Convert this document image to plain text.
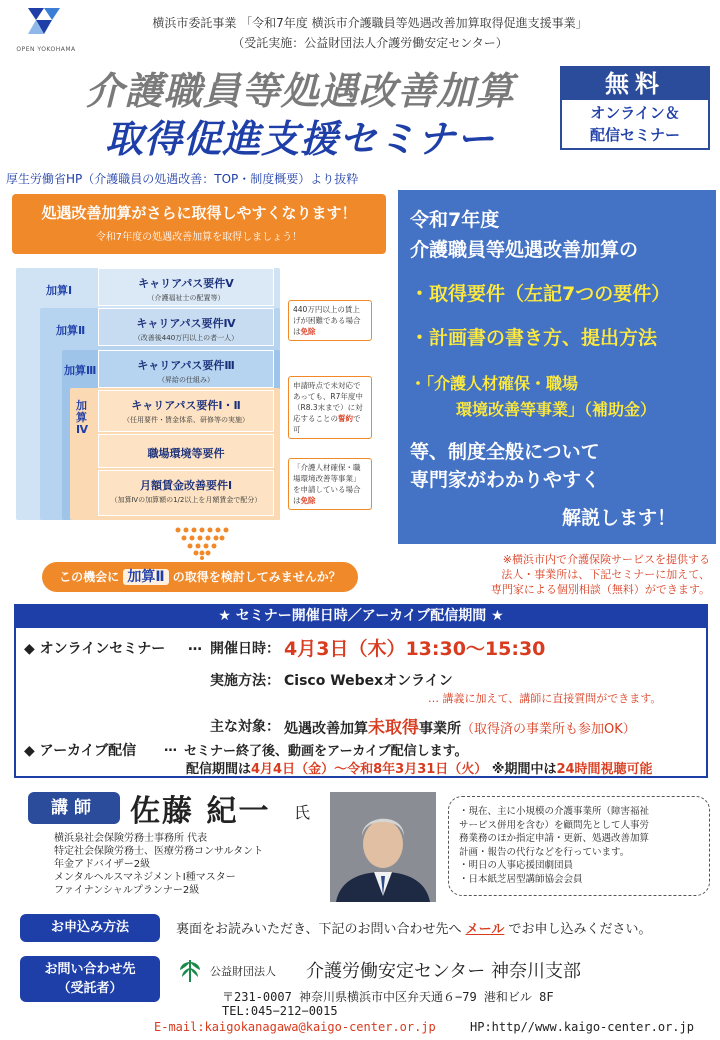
OPEN YOKOHAMA
横浜市委託事業 「令和7年度 横浜市介護職員等処遇改善加算取得促進支援事業」
（受託実施：公益財団法人介護労働安定センター）
介護職員等処遇改善加算
取得促進支援セミナー
無料
オンライン＆
配信セミナー
厚生労働省HP（介護職員の処遇改善：TOP・制度概要）より抜粋
処遇改善加算がさらに取得しやすくなります！
令和7年度の処遇改善加算を取得しましょう！
加算Ⅰ
加算Ⅱ
加算Ⅲ
加算Ⅳ
キャリアパス要件Ⅴ
（介護福祉士の配置等）
キャリアパス要件Ⅳ
（改善後440万円以上の者一人）
キャリアパス要件Ⅲ
（昇給の仕組み）
キャリアパス要件Ⅰ・Ⅱ
（任用要件・賃金体系、研修等の実施）
職場環境等要件
月額賃金改善要件Ⅰ
（加算Ⅳの加算額の1/2以上を月額賃金で配分）
440万円以上の賃上げが困難である場合は免除
申請時点で未対応であっても、R7年度中（R8.3末まで）に対応することの誓約で可
「介護人材確保・職場環境改善等事業」を申請している場合は免除
この機会に 加算Ⅱ の取得を検討してみませんか？
令和7年度
介護職員等処遇改善加算の
・取得要件（左記7つの要件）
・計画書の書き方、提出方法
・「介護人材確保・職場
環境改善等事業」（補助金）
等、制度全般について
専門家がわかりやすく
解説します！
※横浜市内で介護保険サービスを提供する
法人・事業所は、下記セミナーに加えて、
専門家による個別相談（無料）ができます。
★ セミナー開催日時／アーカイブ配信期間 ★
◆ オンラインセミナー … 開催日時： 4月3日（木）13:30～15:30
実施方法： Cisco Webexオンライン
… 講義に加えて、講師に直接質問ができます。
主な対象： 処遇改善加算未取得事業所（取得済の事業所も参加OK）
◆ アーカイブ配信 … セミナー終了後、動画をアーカイブ配信します。
配信期間は4月4日（金）～令和8年3月31日（火） ※期間中は24時間視聴可能
講師	佐藤 紀一 氏
横浜泉社会保険労務士事務所 代表
特定社会保険労務士、医療労務コンサルタント
年金アドバイザー2級
メンタルヘルスマネジメントⅠ種マスター
ファイナンシャルプランナー2級
・現在、主に小規模の介護事業所（障害福祉
サービス併用を含む）を顧問先として人事労
務業務のほか指定申請・更新、処遇改善加算
計画・報告の代行などを行っています。
・明日の人事応援団劇団員
・日本紙芝居型講師協会会員
お申込み方法	裏面をお読みいただき、下記のお問い合わせ先へ メール でお申し込みください。
お問い合わせ先
（受託者）
公益財団法人 介護労働安定センター 神奈川支部
〒231-0007 神奈川県横浜市中区弁天通６−79 港和ビル 8F
TEL:045−212−0015
E-mail:kaigokanagawa@kaigo-center.or.jp	HP:http//www.kaigo-center.or.jp
